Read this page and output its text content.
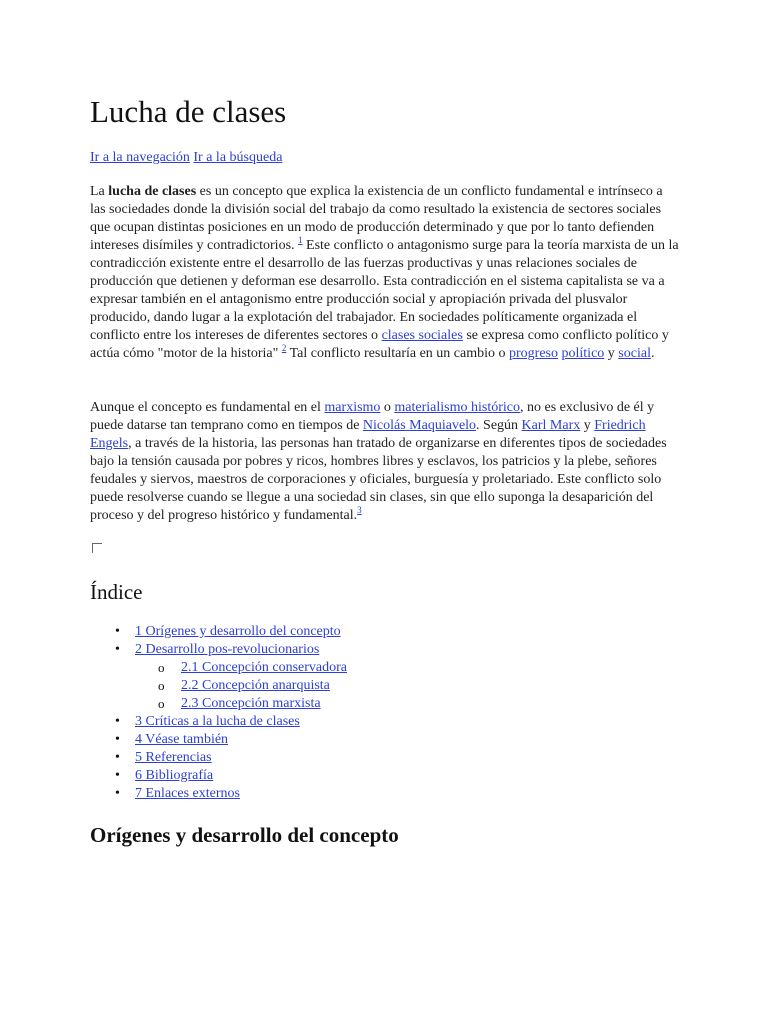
Lucha de clases
Ir a la navegación Ir a la búsqueda

La lucha de clases es un concepto que explica la existencia de un conflicto fundamental e intrínseco a las sociedades donde la división social del trabajo da como resultado la existencia de sectores sociales que ocupan distintas posiciones en un modo de producción determinado y que por lo tanto defienden intereses disímiles y contradictorios. $^1$ Este conflicto o antagonismo surge para la teoría marxista de un la contradicción existente entre el desarrollo de las fuerzas productivas y unas relaciones sociales de producción que detienen y deforman ese desarrollo. Esta contradicción en el sistema capitalista se va a expresar también en el antagonismo entre producción social y apropiación privada del plusvalor producido, dando lugar a la explotación del trabajador. En sociedades políticamente organizada el conflicto entre los intereses de diferentes sectores o clases sociales se expresa como conflicto político y actúa cómo "motor de la historia" $^2$ Tal conflicto resultaría en un cambio o progreso político y social.

Aunque el concepto es fundamental en el marxismo o materialismo histórico, no es exclusivo de él y puede datarse tan temprano como en tiempos de Nicolás Maquiavelo. Según Karl Marx y Friedrich Engels, a través de la historia, las personas han tratado de organizarse en diferentes tipos de sociedades bajo la tensión causada por pobres y ricos, hombres libres y esclavos, los patricios y la plebe, señores feudales y siervos, maestros de corporaciones y oficiales, burguesía y proletariado. Este conflicto solo puede resolverse cuando se llegue a una sociedad sin clases, sin que ello suponga la desaparición del proceso y del progreso histórico y fundamental.$^3$

Índice
• 1 Orígenes y desarrollo del concepto
• 2 Desarrollo pos-revolucionarios
o 2.1 Concepción conservadora
o 2.2 Concepción anarquista
o 2.3 Concepción marxista
• 3 Críticas a la lucha de clases
• 4 Véase también
• 5 Referencias
• 6 Bibliografía
• 7 Enlaces externos
Orígenes y desarrollo del concepto
